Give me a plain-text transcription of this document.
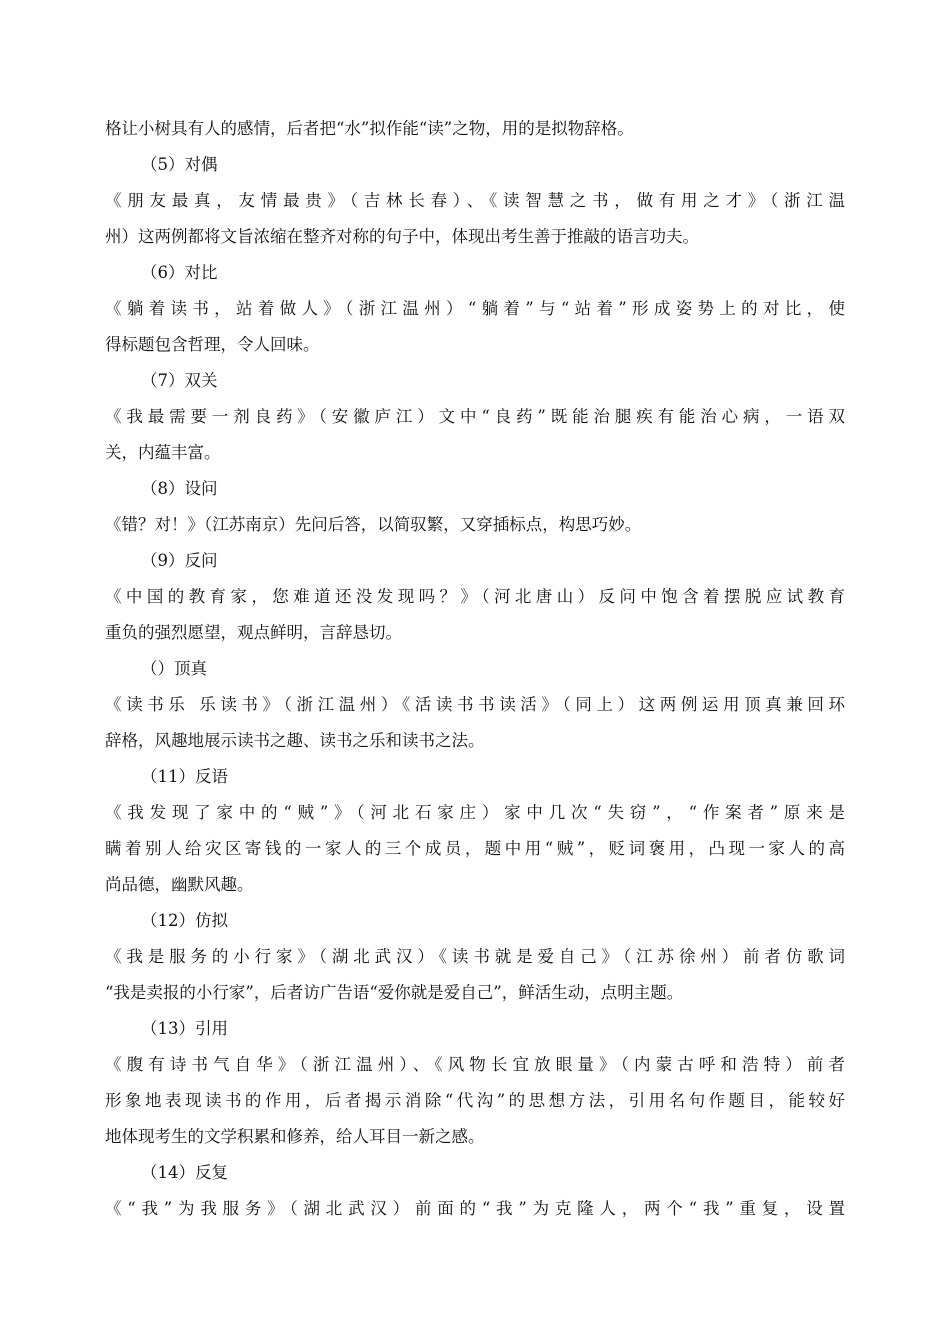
格让小树具有人的感情，后者把“水”拟作能“读”之物，用的是拟物辞格。
（5）对偶
《朋友最真，友情最贵》（吉林长春）、《读智慧之书，做有用之才》（浙江温
州）这两例都将文旨浓缩在整齐对称的句子中，体现出考生善于推敲的语言功夫。
（6）对比
《躺着读书，站着做人》（浙江温州）“躺着”与“站着”形成姿势上的对比，使
得标题包含哲理，令人回味。
（7）双关
《我最需要一剂良药》（安徽庐江）文中“良药”既能治腿疾有能治心病，一语双
关，内蕴丰富。
（8）设问
《错？对！》（江苏南京）先问后答，以简驭繁，又穿插标点，构思巧妙。
（9）反问
《中国的教育家，您难道还没发现吗？》（河北唐山）反问中饱含着摆脱应试教育
重负的强烈愿望，观点鲜明，言辞恳切。
（）顶真
《读书乐 乐读书》（浙江温州）《活读书书读活》（同上）这两例运用顶真兼回环
辞格，风趣地展示读书之趣、读书之乐和读书之法。
（11）反语
《我发现了家中的“贼”》（河北石家庄）家中几次“失窃”，“作案者”原来是
瞒着别人给灾区寄钱的一家人的三个成员，题中用“贼”，贬词褒用，凸现一家人的高
尚品德，幽默风趣。
（12）仿拟
《我是服务的小行家》（湖北武汉）《读书就是爱自己》（江苏徐州）前者仿歌词
“我是卖报的小行家”，后者访广告语“爱你就是爱自己”，鲜活生动，点明主题。
（13）引用
《腹有诗书气自华》（浙江温州）、《风物长宜放眼量》（内蒙古呼和浩特）前者
形象地表现读书的作用，后者揭示消除“代沟”的思想方法，引用名句作题目，能较好
地体现考生的文学积累和修养，给人耳目一新之感。
（14）反复
《“我”为我服务》（湖北武汉）前面的“我”为克隆人，两个“我”重复，设置
